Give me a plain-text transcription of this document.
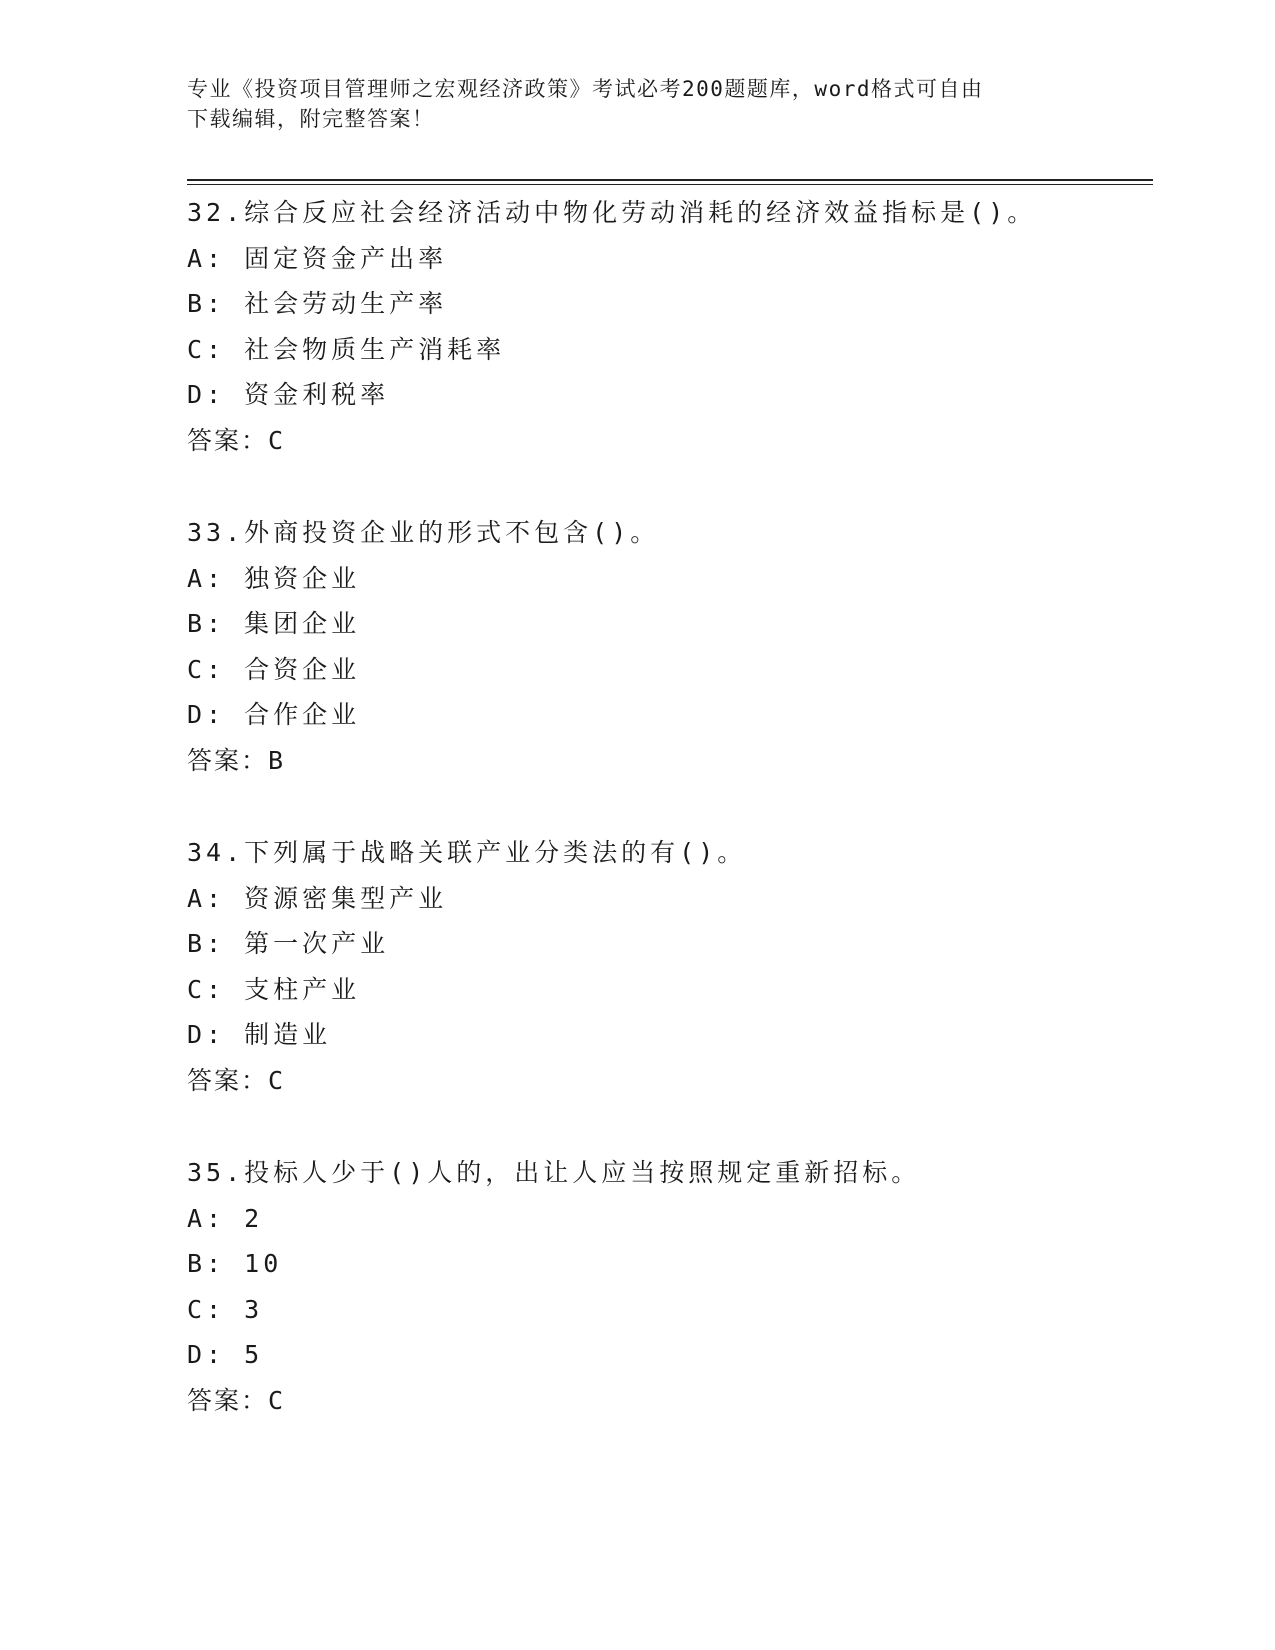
专业《投资项目管理师之宏观经济政策》考试必考200题题库，word格式可自由
下载编辑，附完整答案！
32.综合反应社会经济活动中物化劳动消耗的经济效益指标是()。
A: 固定资金产出率
B: 社会劳动生产率
C: 社会物质生产消耗率
D: 资金利税率
答案：C
33.外商投资企业的形式不包含()。
A: 独资企业
B: 集团企业
C: 合资企业
D: 合作企业
答案：B
34.下列属于战略关联产业分类法的有()。
A: 资源密集型产业
B: 第一次产业
C: 支柱产业
D: 制造业
答案：C
35.投标人少于()人的，出让人应当按照规定重新招标。
A: 2
B: 10
C: 3
D: 5
答案：C
